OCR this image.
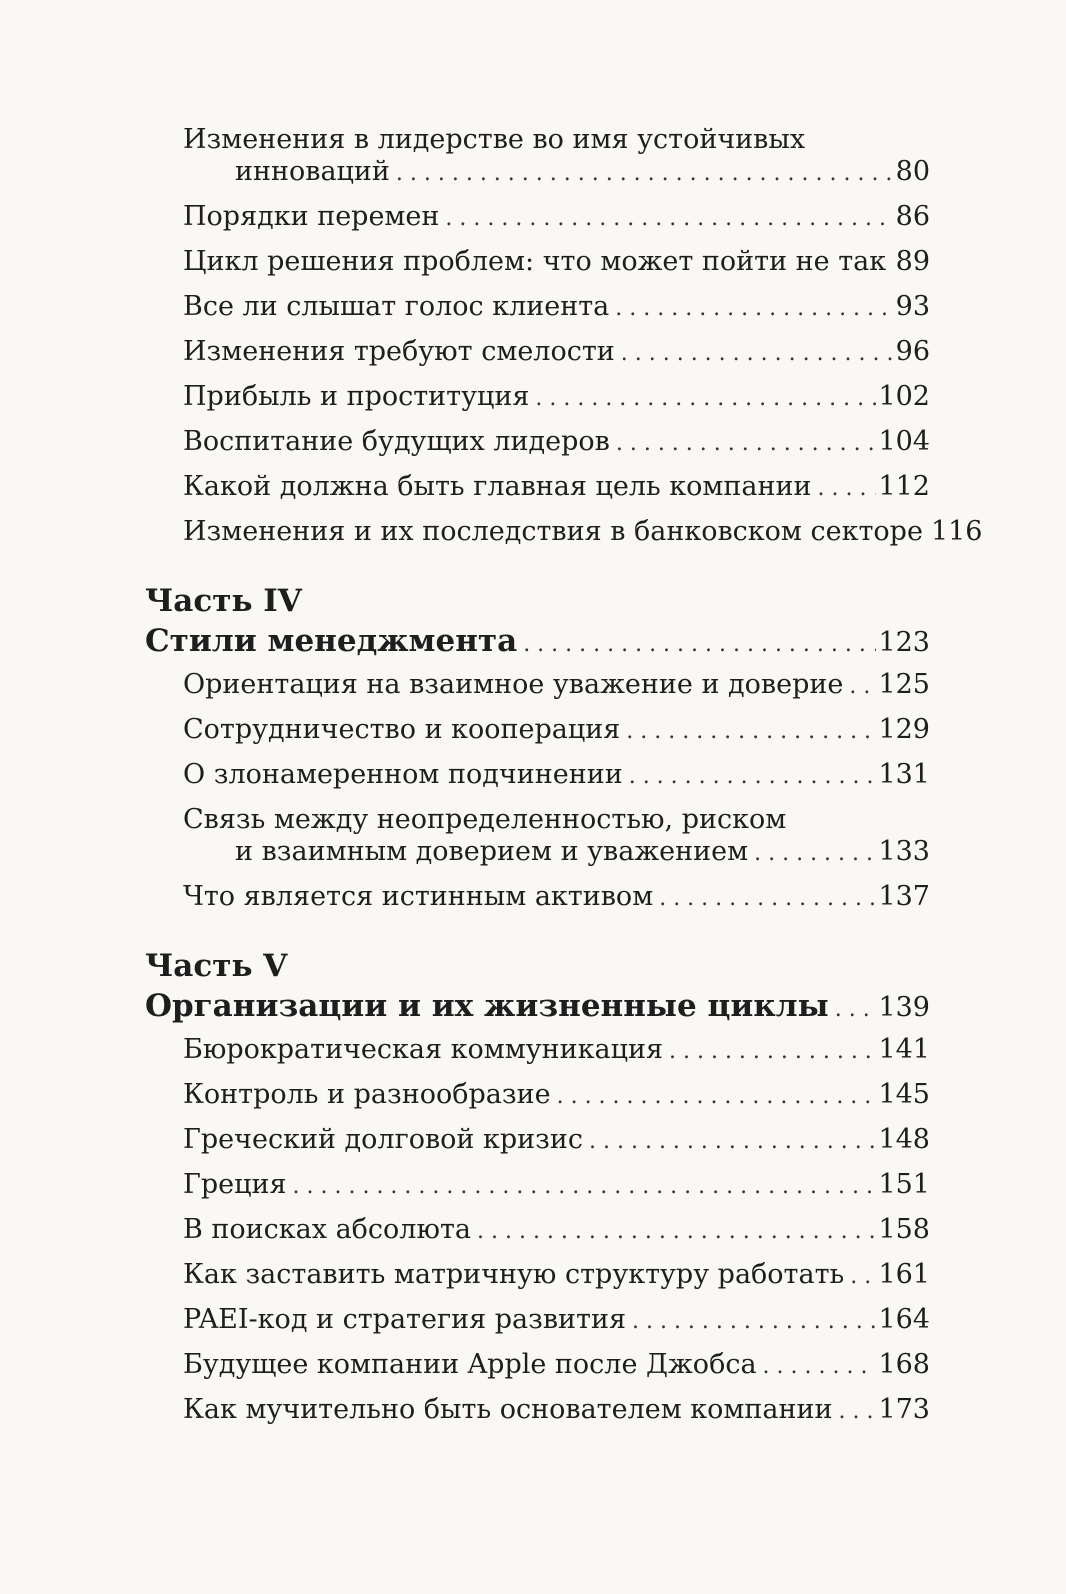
Изменения в лидерстве во имя устойчивых
инноваций . . .	80
Порядки перемен . . .	86
Цикл решения проблем: что может пойти не так . . . 89
Все ли слышат голос клиента . . .	93
Изменения требуют смелости . . .	96
Прибыль и проституция . . .	102
Воспитание будущих лидеров . . .	104
Какой должна быть главная цель компании . . . 112
Изменения и их последствия в банковском секторе 116
Часть IV
Стили менеджмента . . .	123
Ориентация на взаимное уважение и доверие . . . 125
Сотрудничество и кооперация . . .	129
О злонамеренном подчинении . . .	131
Связь между неопределенностью, риском
и взаимным доверием и уважением . . .	133
Что является истинным активом . . .	137
Часть V
Организации и их жизненные циклы . . . 139
Бюрократическая коммуникация . . .	141
Контроль и разнообразие . . .	145
Греческий долговой кризис . . .	148
Греция . . .	151
В поисках абсолюта . . .	158
Как заставить матричную структуру работать . . . 161
PAEI-код и стратегия развития . . .	164
Будущее компании Apple после Джобса . . .	168
Как мучительно быть основателем компании . . . 173
